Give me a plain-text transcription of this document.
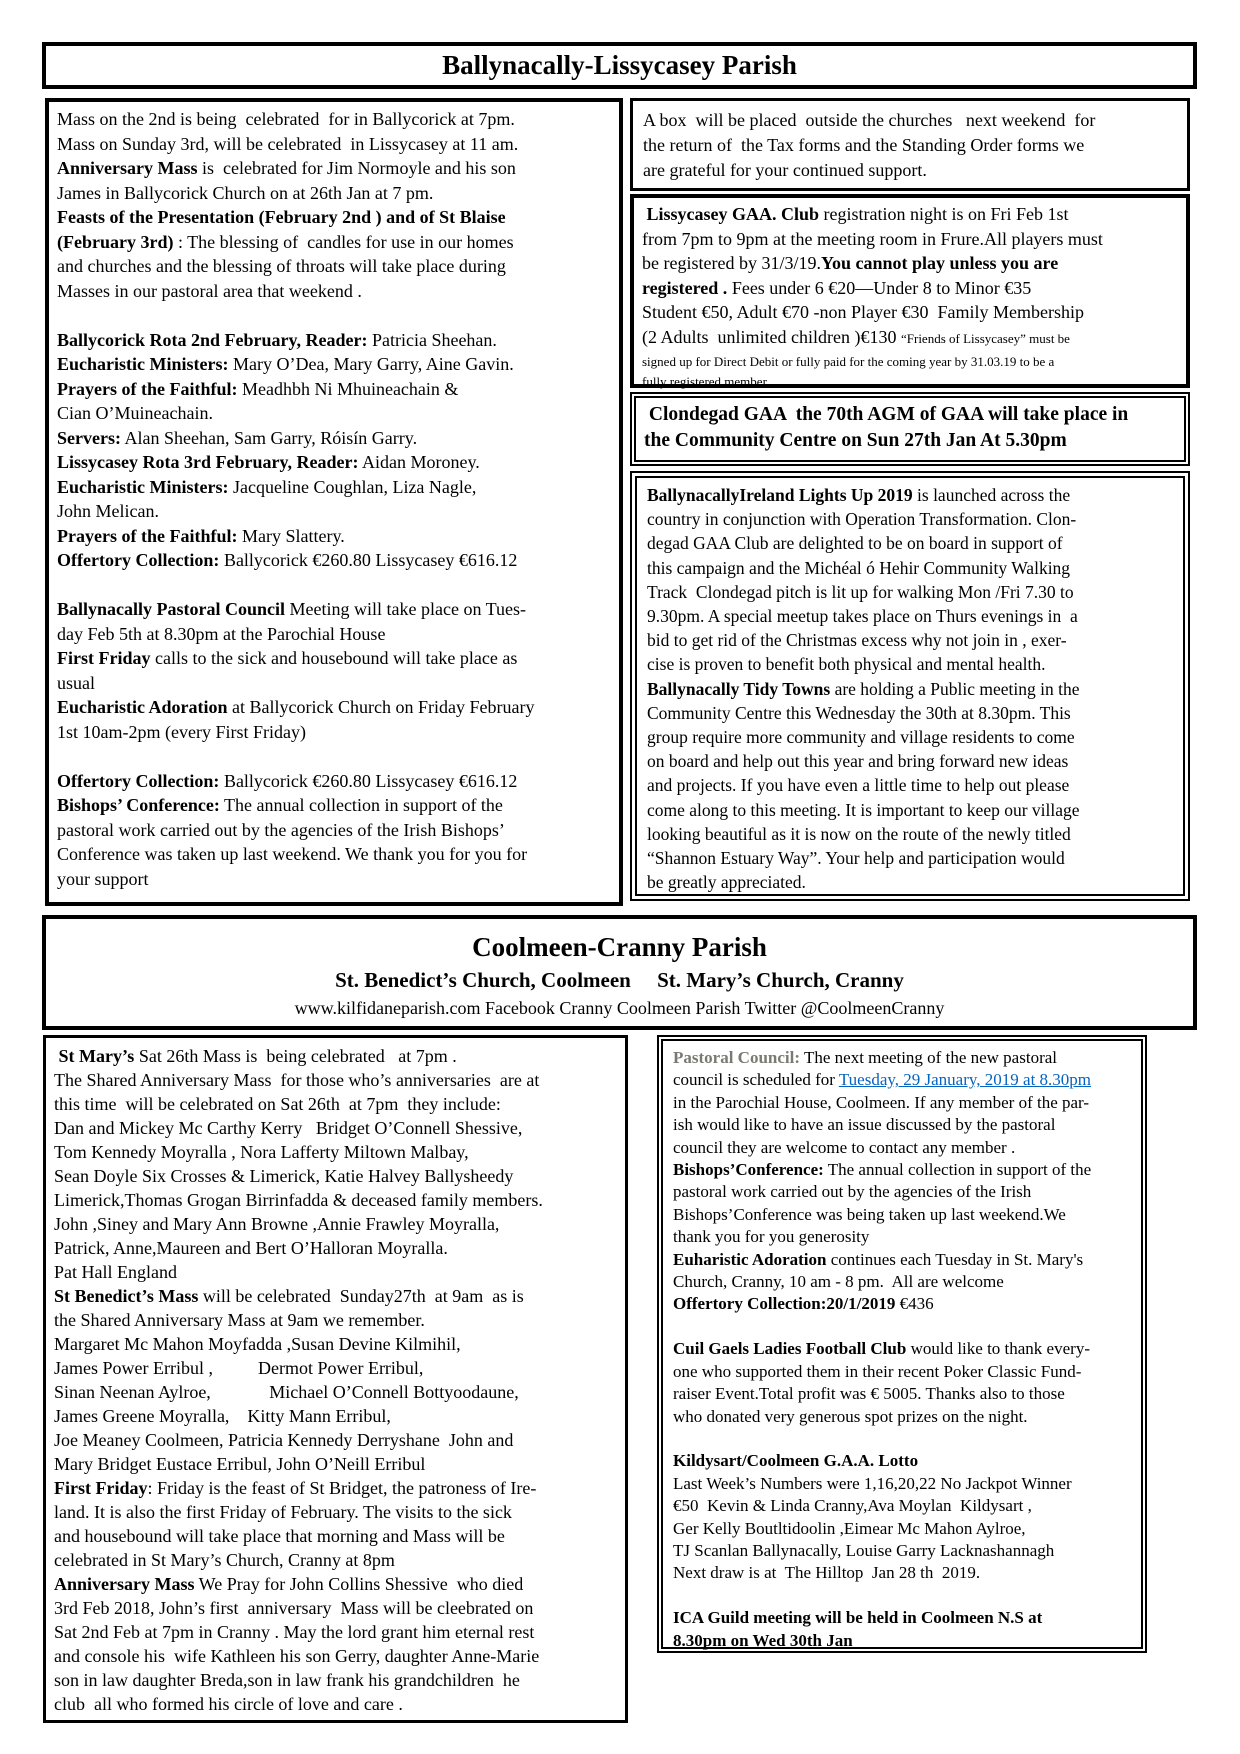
Ballynacally-Lissycasey Parish
Mass on the 2nd is being  celebrated  for in Ballycorick at 7pm.
Mass on Sunday 3rd, will be celebrated  in Lissycasey at 11 am.
Anniversary Mass is  celebrated for Jim Normoyle and his son
James in Ballycorick Church on at 26th Jan at 7 pm.
Feasts of the Presentation (February 2nd ) and of St Blaise
(February 3rd) : The blessing of  candles for use in our homes
and churches and the blessing of throats will take place during
Masses in our pastoral area that weekend .

Ballycorick Rota 2nd February, Reader: Patricia Sheehan.
Eucharistic Ministers: Mary O’Dea, Mary Garry, Aine Gavin.
Prayers of the Faithful: Meadhbh Ni Mhuineachain &
Cian O’Muineachain.
Servers: Alan Sheehan, Sam Garry, Róisín Garry.
Lissycasey Rota 3rd February, Reader: Aidan Moroney.
Eucharistic Ministers: Jacqueline Coughlan, Liza Nagle,
John Melican.
Prayers of the Faithful: Mary Slattery.
Offertory Collection: Ballycorick €260.80 Lissycasey €616.12

Ballynacally Pastoral Council Meeting will take place on Tues-
day Feb 5th at 8.30pm at the Parochial House
First Friday calls to the sick and housebound will take place as
usual
Eucharistic Adoration at Ballycorick Church on Friday February
1st 10am-2pm (every First Friday)

Offertory Collection: Ballycorick €260.80 Lissycasey €616.12
Bishops’ Conference: The annual collection in support of the
pastoral work carried out by the agencies of the Irish Bishops’
Conference was taken up last weekend. We thank you for you for
your support
A box  will be placed  outside the churches   next weekend  for
the return of  the Tax forms and the Standing Order forms we
are grateful for your continued support.
Lissycasey GAA. Club registration night is on Fri Feb 1st
from 7pm to 9pm at the meeting room in Frure.All players must
be registered by 31/3/19.You cannot play unless you are
registered . Fees under 6 €20—Under 8 to Minor €35
Student €50, Adult €70 -non Player €30  Family Membership
(2 Adults  unlimited children )€130 “Friends of Lissycasey” must be
signed up for Direct Debit or fully paid for the coming year by 31.03.19 to be a
fully registered member
Clondegad GAA  the 70th AGM of GAA will take place in
the Community Centre on Sun 27th Jan At 5.30pm
BallynacallyIreland Lights Up 2019 is launched across the
country in conjunction with Operation Transformation. Clon-
degad GAA Club are delighted to be on board in support of
this campaign and the Michéal ó Hehir Community Walking
Track  Clondegad pitch is lit up for walking Mon /Fri 7.30 to
9.30pm. A special meetup takes place on Thurs evenings in  a
bid to get rid of the Christmas excess why not join in , exer-
cise is proven to benefit both physical and mental health.
Ballynacally Tidy Towns are holding a Public meeting in the
Community Centre this Wednesday the 30th at 8.30pm. This
group require more community and village residents to come
on board and help out this year and bring forward new ideas
and projects. If you have even a little time to help out please
come along to this meeting. It is important to keep our village
looking beautiful as it is now on the route of the newly titled
“Shannon Estuary Way”. Your help and participation would
be greatly appreciated.
Coolmeen-Cranny Parish
St. Benedict’s Church, Coolmeen     St. Mary’s Church, Cranny
www.kilfidaneparish.com Facebook Cranny Coolmeen Parish Twitter @CoolmeenCranny
St Mary’s Sat 26th Mass is  being celebrated   at 7pm .
The Shared Anniversary Mass  for those who’s anniversaries  are at
this time  will be celebrated on Sat 26th  at 7pm  they include:
Dan and Mickey Mc Carthy Kerry   Bridget O’Connell Shessive,
Tom Kennedy Moyralla , Nora Lafferty Miltown Malbay,
Sean Doyle Six Crosses & Limerick, Katie Halvey Ballysheedy
Limerick,Thomas Grogan Birrinfadda & deceased family members.
John ,Siney and Mary Ann Browne ,Annie Frawley Moyralla,
Patrick, Anne,Maureen and Bert O’Halloran Moyralla.
Pat Hall England
St Benedict’s Mass will be celebrated  Sunday27th  at 9am  as is
the Shared Anniversary Mass at 9am we remember.
Margaret Mc Mahon Moyfadda ,Susan Devine Kilmihil,
James Power Erribul ,          Dermot Power Erribul,
Sinan Neenan Aylroe,             Michael O’Connell Bottyoodaune,
James Greene Moyralla,    Kitty Mann Erribul,
Joe Meaney Coolmeen, Patricia Kennedy Derryshane  John and
Mary Bridget Eustace Erribul, John O’Neill Erribul
First Friday: Friday is the feast of St Bridget, the patroness of Ire-
land. It is also the first Friday of February. The visits to the sick
and housebound will take place that morning and Mass will be
celebrated in St Mary’s Church, Cranny at 8pm
Anniversary Mass We Pray for John Collins Shessive  who died
3rd Feb 2018, John’s first  anniversary  Mass will be cleebrated on
Sat 2nd Feb at 7pm in Cranny . May the lord grant him eternal rest
and console his  wife Kathleen his son Gerry, daughter Anne-Marie
son in law daughter Breda,son in law frank his grandchildren  he
club  all who formed his circle of love and care .
Pastoral Council: The next meeting of the new pastoral
council is scheduled for Tuesday, 29 January, 2019 at 8.30pm
in the Parochial House, Coolmeen. If any member of the par-
ish would like to have an issue discussed by the pastoral
council they are welcome to contact any member .
Bishops’Conference: The annual collection in support of the
pastoral work carried out by the agencies of the Irish
Bishops’Conference was being taken up last weekend.We
thank you for you generosity
Euharistic Adoration continues each Tuesday in St. Mary's
Church, Cranny, 10 am - 8 pm.  All are welcome
Offertory Collection:20/1/2019 €436

Cuil Gaels Ladies Football Club would like to thank every-
one who supported them in their recent Poker Classic Fund-
raiser Event.Total profit was € 5005. Thanks also to those
who donated very generous spot prizes on the night.

Kildysart/Coolmeen G.A.A. Lotto
Last Week’s Numbers were 1,16,20,22 No Jackpot Winner
€50  Kevin & Linda Cranny,Ava Moylan  Kildysart ,
Ger Kelly Boutltidoolin ,Eimear Mc Mahon Aylroe,
TJ Scanlan Ballynacally, Louise Garry Lacknashannagh
Next draw is at  The Hilltop  Jan 28 th  2019.

ICA Guild meeting will be held in Coolmeen N.S at
8.30pm on Wed 30th Jan
